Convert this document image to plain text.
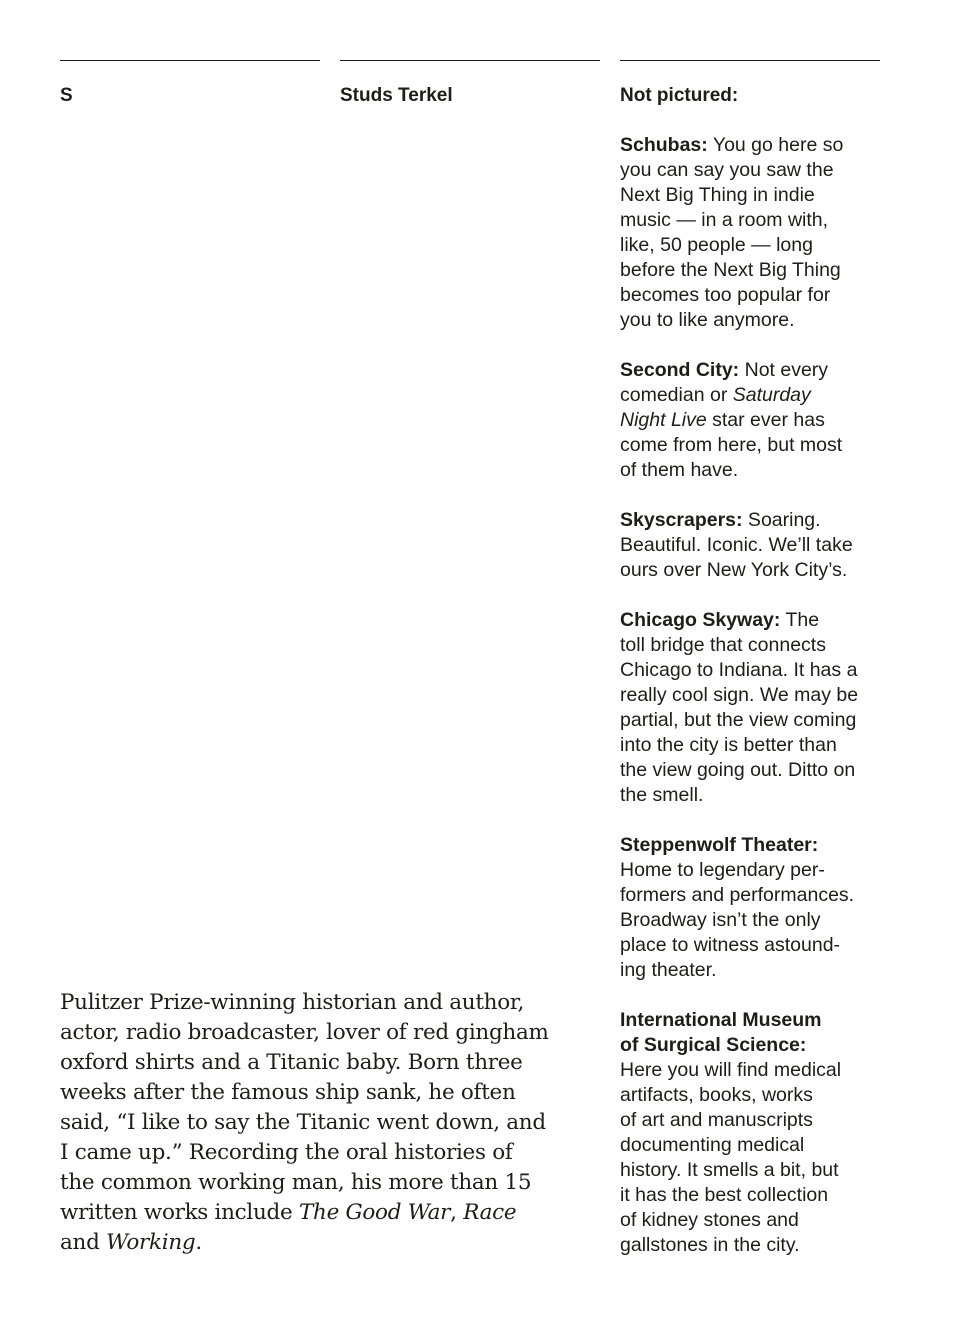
S	Studs Terkel	Not pictured:
Schubas: You go here so
you can say you saw the
Next Big Thing in indie
music — in a room with,
like, 50 people — long
before the Next Big Thing
becomes too popular for
you to like anymore.
Second City: Not every
comedian or Saturday
Night Live star ever has
come from here, but most
of them have.
Skyscrapers: Soaring.
Beautiful. Iconic. We’ll take
ours over New York City’s.
Chicago Skyway: The
toll bridge that connects
Chicago to Indiana. It has a
really cool sign. We may be
partial, but the view coming
into the city is better than
the view going out. Ditto on
the smell.
Steppenwolf Theater:
Home to legendary per-
formers and performances.
Broadway isn’t the only
place to witness astound-
ing theater.
International Museum
of Surgical Science:
Here you will find medical
artifacts, books, works
of art and manuscripts
documenting medical
history. It smells a bit, but
it has the best collection
of kidney stones and
gallstones in the city.
Pulitzer Prize-winning historian and author,
actor, radio broadcaster, lover of red gingham
oxford shirts and a Titanic baby. Born three
weeks after the famous ship sank, he often
said, “I like to say the Titanic went down, and
I came up.” Recording the oral histories of
the common working man, his more than 15
written works include The Good War, Race
and Working.
